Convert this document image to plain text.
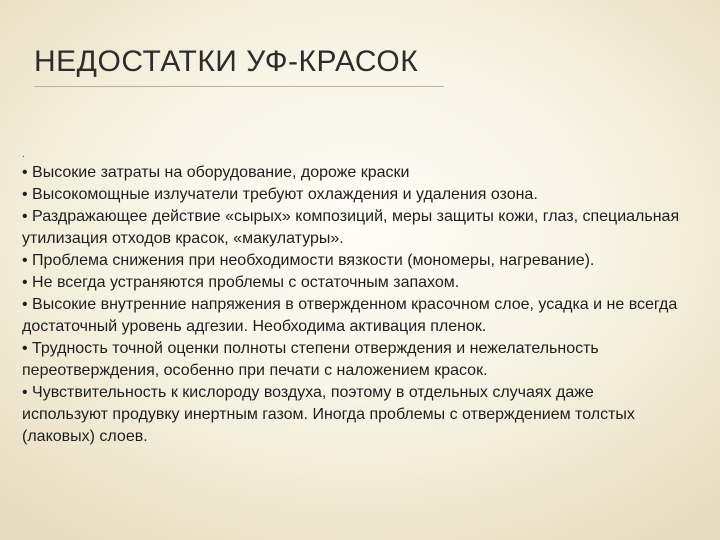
НЕДОСТАТКИ УФ-КРАСОК
.

• Высокие затраты на оборудование, дороже краски

• Высокомощные излучатели требуют охлаждения и удаления озона.

• Раздражающее действие «сырых» композиций, меры защиты кожи, глаз, специальная утилизация отходов красок, «макулатуры».

• Проблема снижения при необходимости вязкости (мономеры, нагревание).

• Не всегда устраняются проблемы с остаточным запахом.

• Высокие внутренние напряжения в отвержденном красочном слое, усадка и не всегда достаточный уровень адгезии. Необходима активация пленок.

• Трудность точной оценки полноты степени отверждения и нежелательность переотверждения, особенно при печати с наложением красок.

• Чувствительность к кислороду воздуха, поэтому в отдельных случаях даже используют продувку инертным газом. Иногда проблемы с отверждением толстых (лаковых) слоев.
